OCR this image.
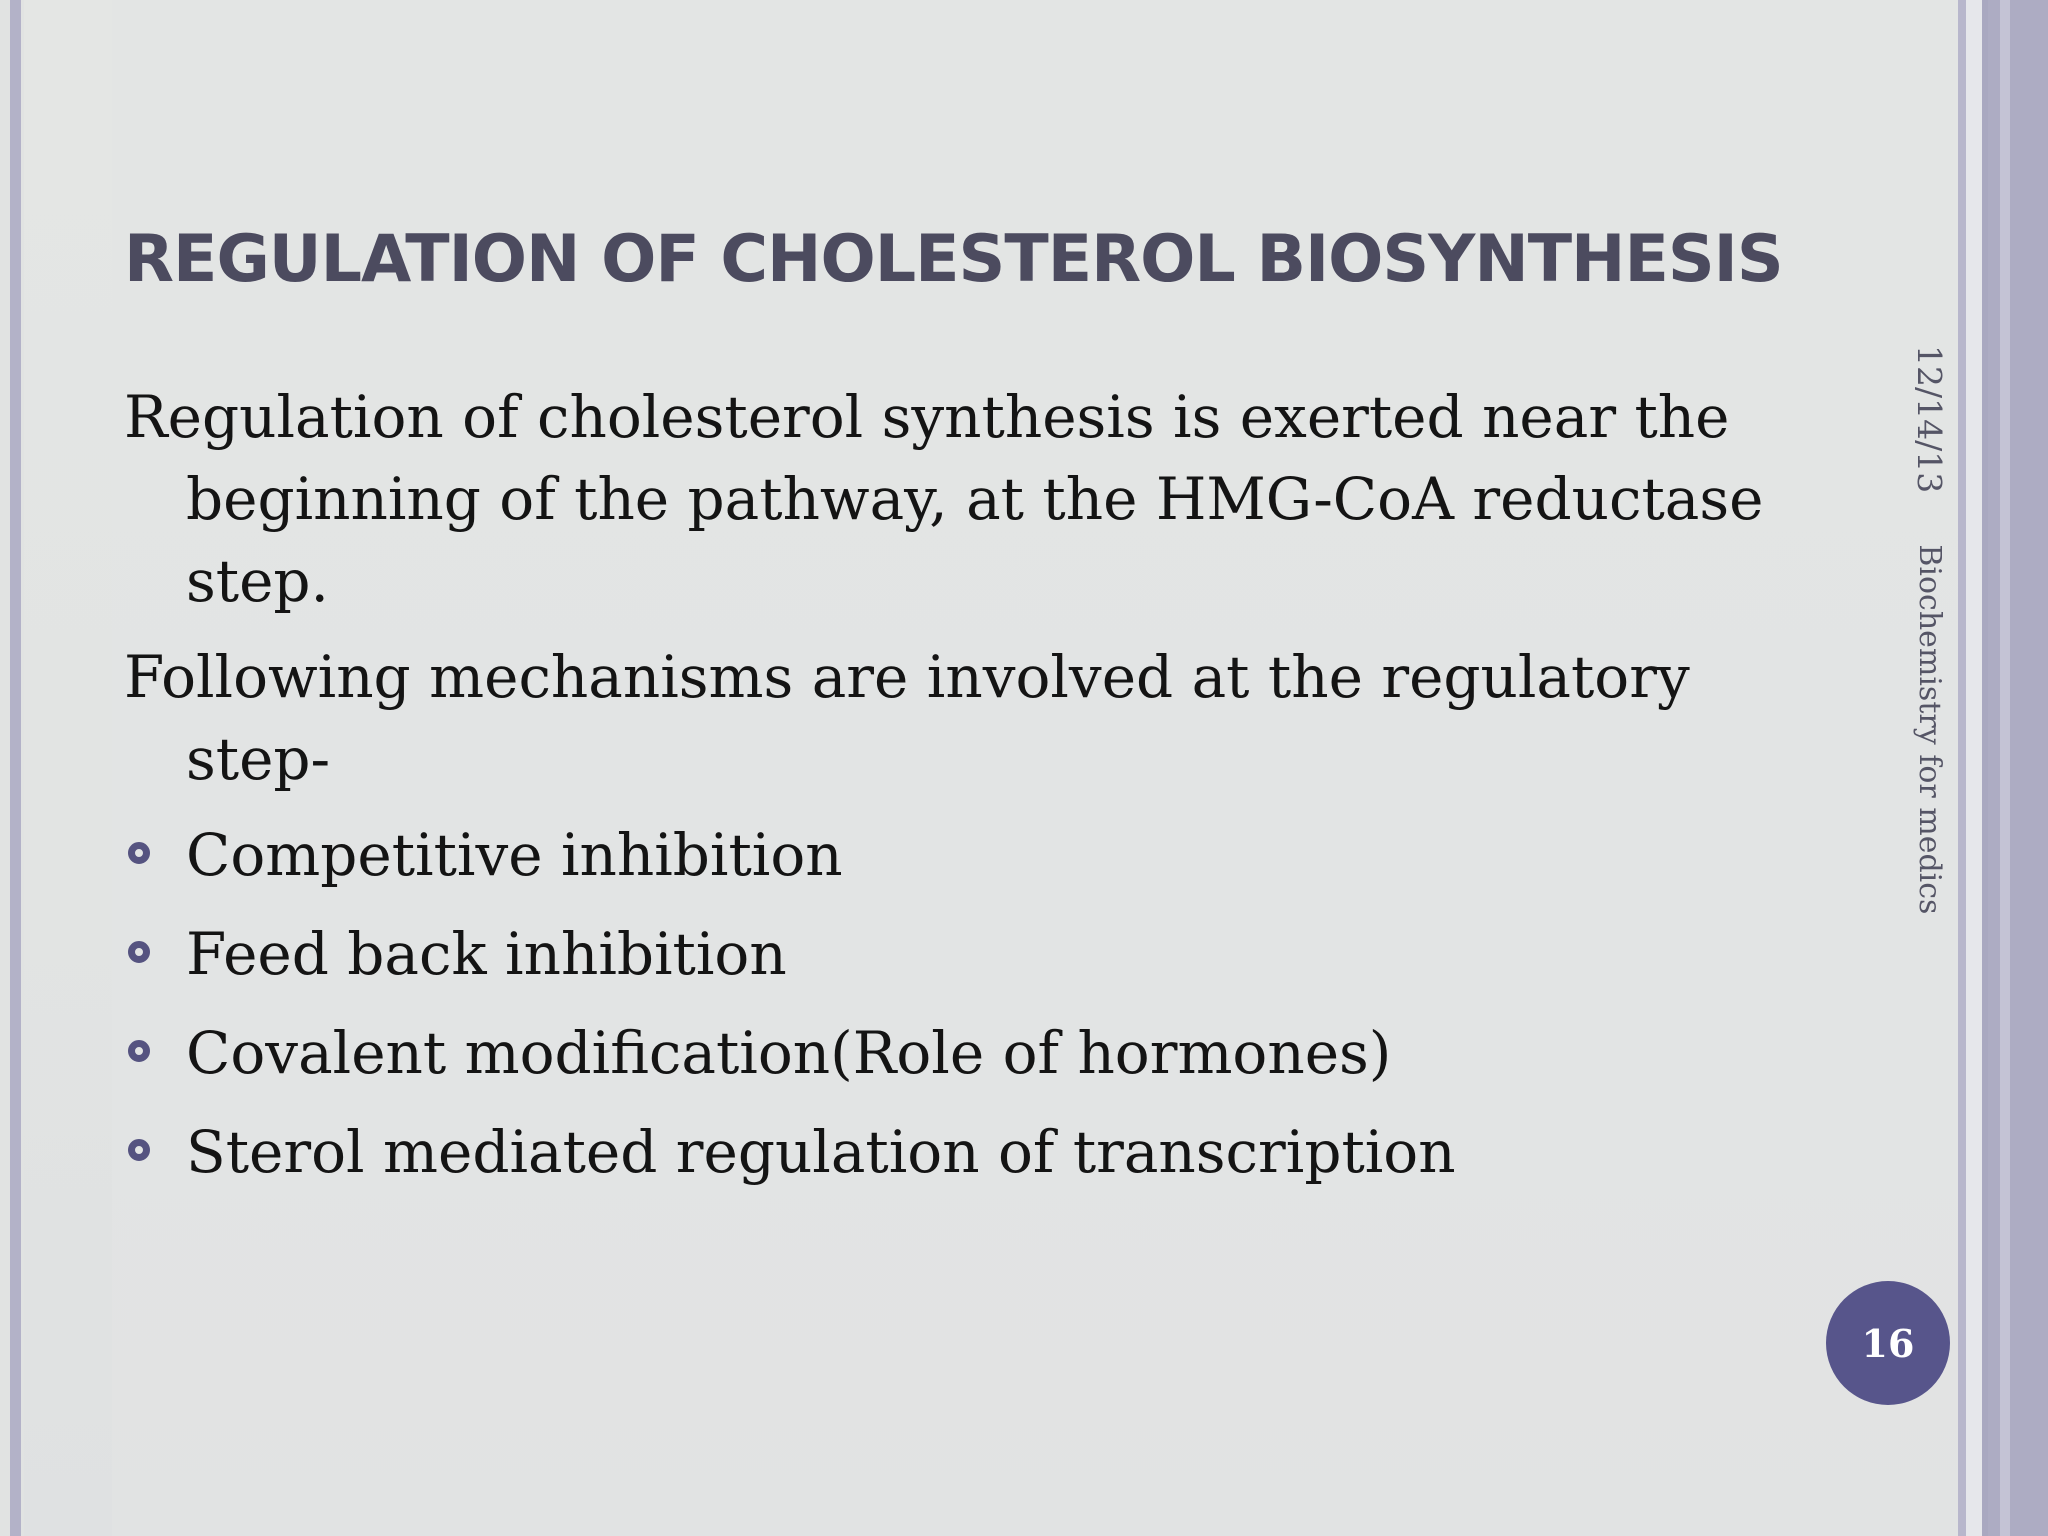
REGULATION OF CHOLESTEROL BIOSYNTHESIS

Regulation of cholesterol synthesis is exerted near the beginning of the pathway, at the HMG-CoA reductase step.

Following mechanisms are involved at the regulatory step-

Competitive inhibition
Feed back inhibition
Covalent modification(Role of hormones)
Sterol mediated regulation of transcription
12/14/13 Biochemistry for medics
16
